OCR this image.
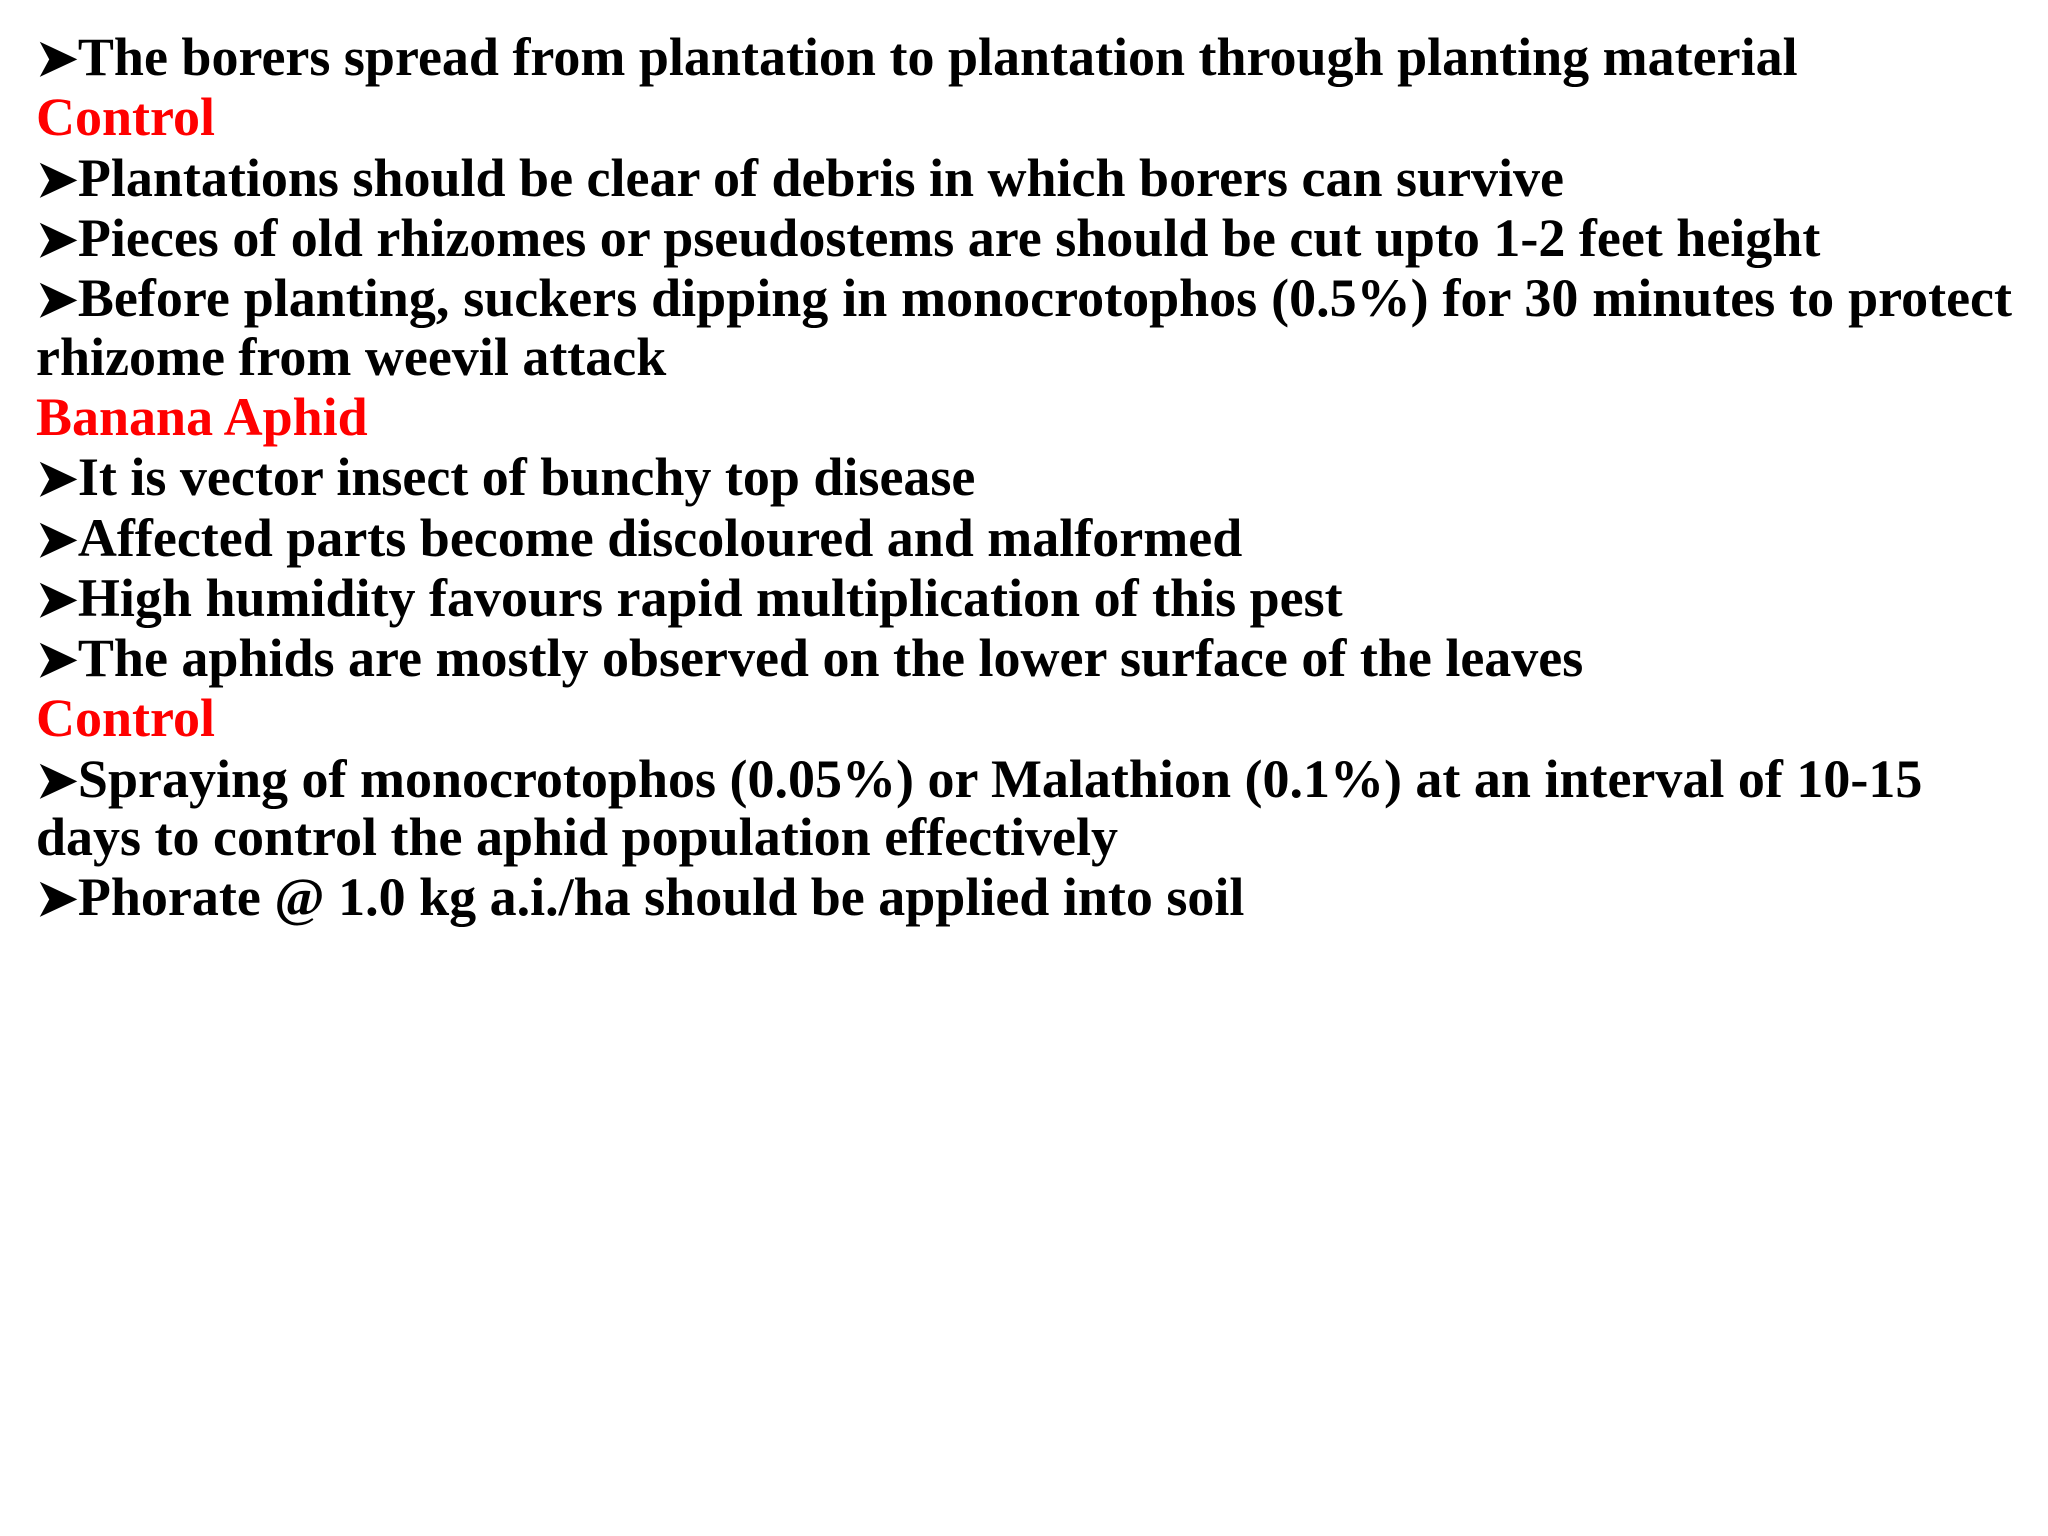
➤The borers spread from plantation to plantation through planting material

Control

➤Plantations should be clear of debris in which borers can survive

➤Pieces of old rhizomes or pseudostems are should be cut upto 1-2 feet height

➤Before planting, suckers dipping in monocrotophos (0.5%) for 30 minutes to protect rhizome from weevil attack

Banana Aphid

➤It is vector insect of bunchy top disease

➤Affected parts become discoloured and malformed

➤High humidity favours rapid multiplication of this pest

➤The aphids are mostly observed on the lower surface of the leaves

Control

➤Spraying of monocrotophos (0.05%) or Malathion (0.1%) at an interval of 10-15 days to control the aphid population effectively

➤Phorate @ 1.0 kg a.i./ha should be applied into soil
